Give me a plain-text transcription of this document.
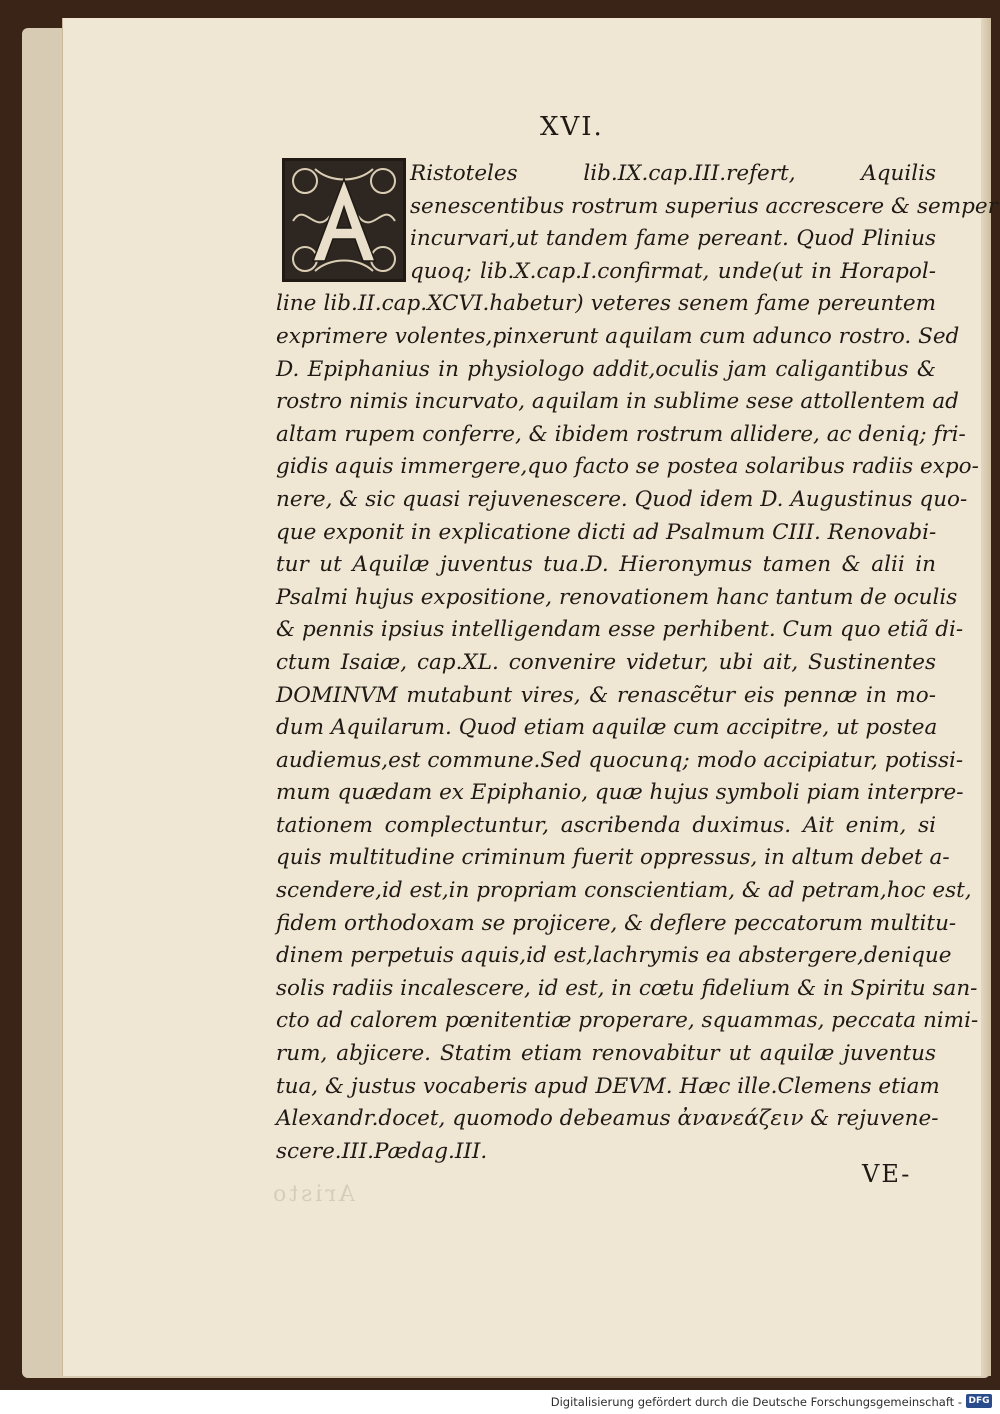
XVI.
Ristoteles lib.IX.cap.III.refert, Aquilis
senescentibus rostrum superius accrescere & semper
incurvari,ut tandem fame pereant. Quod Plinius
quoq; lib.X.cap.I.confirmat, unde(ut in Horapol-
line lib.II.cap.XCVI.habetur) veteres senem fame pereuntem
exprimere volentes,pinxerunt aquilam cum adunco rostro. Sed
D. Epiphanius in physiologo addit,oculis jam caligantibus &
rostro nimis incurvato, aquilam in sublime sese attollentem ad
altam rupem conferre, & ibidem rostrum allidere, ac deniq; fri-
gidis aquis immergere,quo facto se postea solaribus radiis expo-
nere, & sic quasi rejuvenescere. Quod idem D. Augustinus quo-
que exponit in explicatione dicti ad Psalmum CIII. Renovabi-
tur ut Aquilæ juventus tua.D. Hieronymus tamen & alii in
Psalmi hujus expositione, renovationem hanc tantum de oculis
& pennis ipsius intelligendam esse perhibent. Cum quo etiã di-
ctum Isaiæ, cap.XL. convenire videtur, ubi ait, Sustinentes
DOMINVM mutabunt vires, & renascẽtur eis pennæ in mo-
dum Aquilarum. Quod etiam aquilæ cum accipitre, ut postea
audiemus,est commune.Sed quocunq; modo accipiatur, potissi-
mum quædam ex Epiphanio, quæ hujus symboli piam interpre-
tationem complectuntur, ascribenda duximus. Ait enim, si
quis multitudine criminum fuerit oppressus, in altum debet a-
scendere,id est,in propriam conscientiam, & ad petram,hoc est,
fidem orthodoxam se projicere, & deflere peccatorum multitu-
dinem perpetuis aquis,id est,lachrymis ea abstergere,denique
solis radiis incalescere, id est, in cœtu fidelium & in Spiritu san-
cto ad calorem pœnitentiæ properare, squammas, peccata nimi-
rum, abjicere. Statim etiam renovabitur ut aquilæ juventus
tua, & justus vocaberis apud DEVM. Hæc ille.Clemens etiam
Alexandr.docet, quomodo debeamus ἀνανεάζειν & rejuvene-
scere.III.Pædag.III.
VE-
Aristo
Digitalisierung gefördert durch die Deutsche Forschungsgemeinschaft - DFG
